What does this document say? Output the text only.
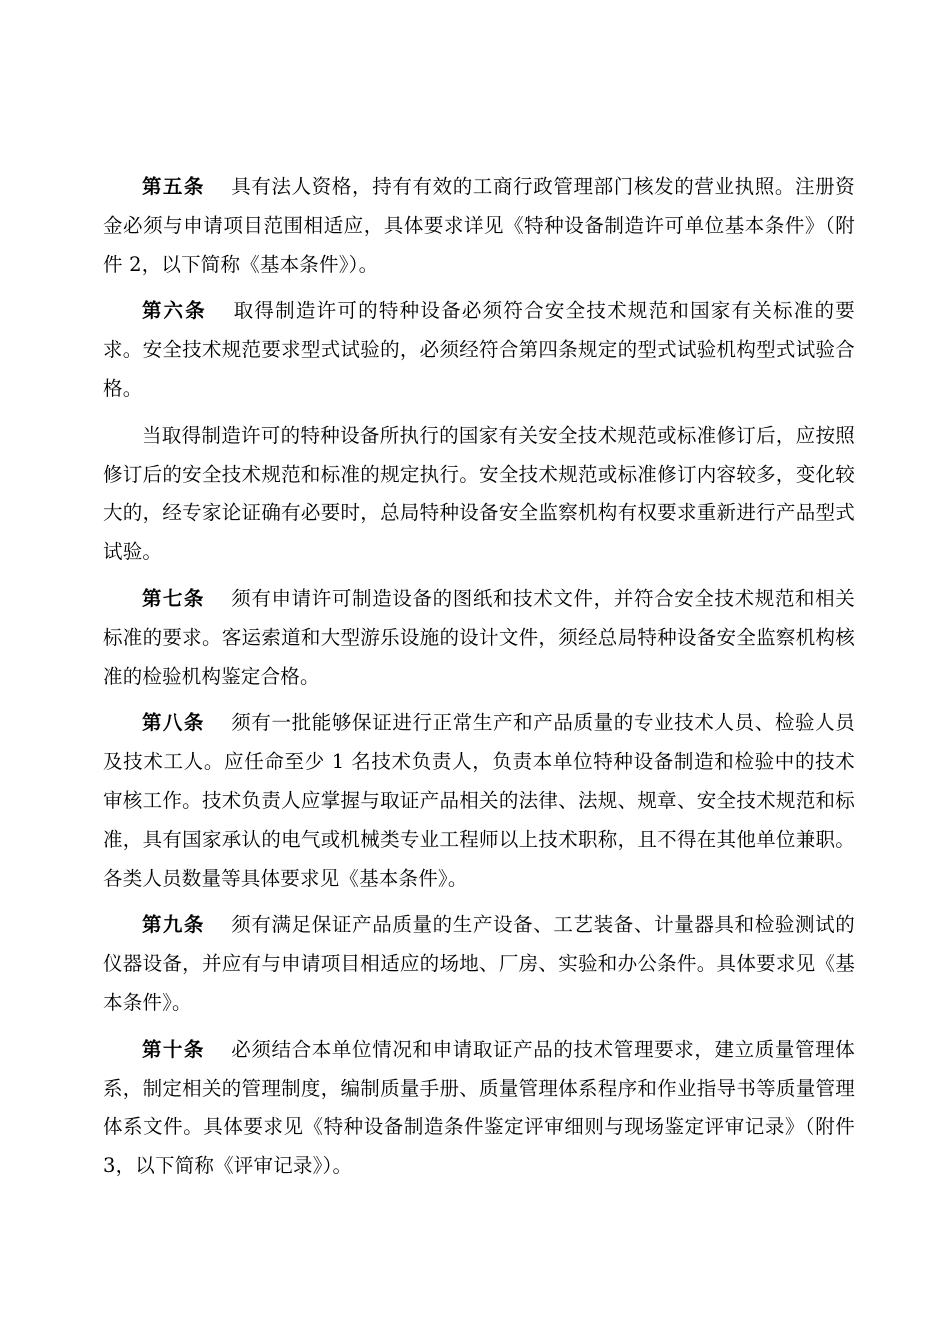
第五条 具有法人资格，持有有效的工商行政管理部门核发的营业执照。注册资金必须与申请项目范围相适应，具体要求详见《特种设备制造许可单位基本条件》（附件 2，以下简称《基本条件》）。

第六条 取得制造许可的特种设备必须符合安全技术规范和国家有关标准的要求。安全技术规范要求型式试验的，必须经符合第四条规定的型式试验机构型式试验合格。

当取得制造许可的特种设备所执行的国家有关安全技术规范或标准修订后，应按照修订后的安全技术规范和标准的规定执行。安全技术规范或标准修订内容较多，变化较大的，经专家论证确有必要时，总局特种设备安全监察机构有权要求重新进行产品型式试验。

第七条 须有申请许可制造设备的图纸和技术文件，并符合安全技术规范和相关标准的要求。客运索道和大型游乐设施的设计文件，须经总局特种设备安全监察机构核准的检验机构鉴定合格。

第八条 须有一批能够保证进行正常生产和产品质量的专业技术人员、检验人员及技术工人。应任命至少 1 名技术负责人，负责本单位特种设备制造和检验中的技术审核工作。技术负责人应掌握与取证产品相关的法律、法规、规章、安全技术规范和标准，具有国家承认的电气或机械类专业工程师以上技术职称，且不得在其他单位兼职。各类人员数量等具体要求见《基本条件》。

第九条 须有满足保证产品质量的生产设备、工艺装备、计量器具和检验测试的仪器设备，并应有与申请项目相适应的场地、厂房、实验和办公条件。具体要求见《基本条件》。

第十条 必须结合本单位情况和申请取证产品的技术管理要求，建立质量管理体系，制定相关的管理制度，编制质量手册、质量管理体系程序和作业指导书等质量管理体系文件。具体要求见《特种设备制造条件鉴定评审细则与现场鉴定评审记录》（附件 3，以下简称《评审记录》）。
